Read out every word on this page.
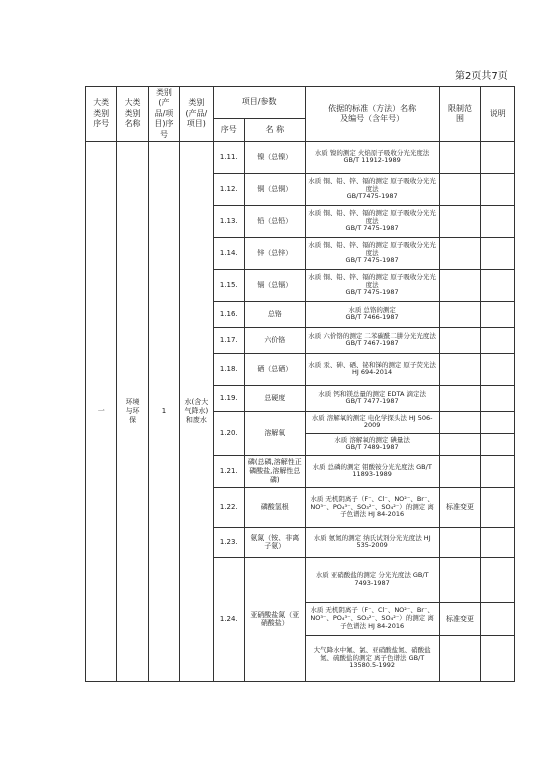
第2页共7页
大类
类别
序号	大类
类别
名称	类别(产
品/项
目)序号	类别
(产品/
项目)	项目/参数		依据的标准（方法）名称
及编号（含年号）	限制范
围	说明
				序号	名 称			
一	环境
与环
保	1	水(含大
气降水)
和废水	1.11.	镍（总镍）	水质 镍的测定 火焰原子吸收分光光度法
GB/T 11912-1989		
				1.12.	铜（总铜）	水质 铜、铅、锌、镉的测定 原子吸收分光光度法
GB/T7475-1987		
				1.13.	铅（总铅）	水质 铜、铅、锌、镉的测定 原子吸收分光光度法
GB/T 7475-1987		
				1.14.	锌（总锌）	水质 铜、铅、锌、镉的测定 原子吸收分光光度法
GB/T 7475-1987		
				1.15.	镉（总镉）	水质 铜、铅、锌、镉的测定 原子吸收分光光度法
GB/T 7475-1987		
				1.16.	总铬	水质 总铬的测定
GB/T 7466-1987		
				1.17.	六价铬	水质 六价铬的测定 二苯碳酰二肼分光光度法
GB/T 7467-1987		
				1.18.	硒（总硒）	水质 汞、砷、硒、铋和锑的测定 原子荧光法
HJ 694-2014		
				1.19.	总硬度	水质 钙和镁总量的测定 EDTA 滴定法
GB/T 7477-1987		
				1.20.	溶解氧	水质 溶解氧的测定 电化学探头法 HJ 506-2009		
						水质 溶解氧的测定 碘量法
GB/T 7489-1987		
				1.21.	磷(总磷,溶解性正磷酸盐,溶解性总磷)	水质 总磷的测定 钼酸铵分光光度法 GB/T 11893-1989		
				1.22.	磷酸氢根	水质 无机阴离子（F⁻、Cl⁻、NO²⁻、Br⁻、NO³⁻、PO₄³⁻、SO₃²⁻、SO₄²⁻）的测定 离子色谱法 HJ 84-2016	标准变更	
				1.23.	氨氮（铵、非离子氨）	水质 氨氮的测定 纳氏试剂分光光度法 HJ 535-2009		
				1.24.	亚硝酸盐氮（亚硝酸盐）	水质 亚硝酸盐的测定 分光光度法 GB/T 7493-1987		
						水质 无机阴离子（F⁻、Cl⁻、NO²⁻、Br⁻、NO³⁻、PO₄³⁻、SO₃²⁻、SO₄²⁻）的测定 离子色谱法 HJ 84-2016	标准变更	
						大气降水中氟、氯、亚硝酸盐氮、硝酸盐氮、硫酸盐的测定 离子色谱法 GB/T 13580.5-1992		
